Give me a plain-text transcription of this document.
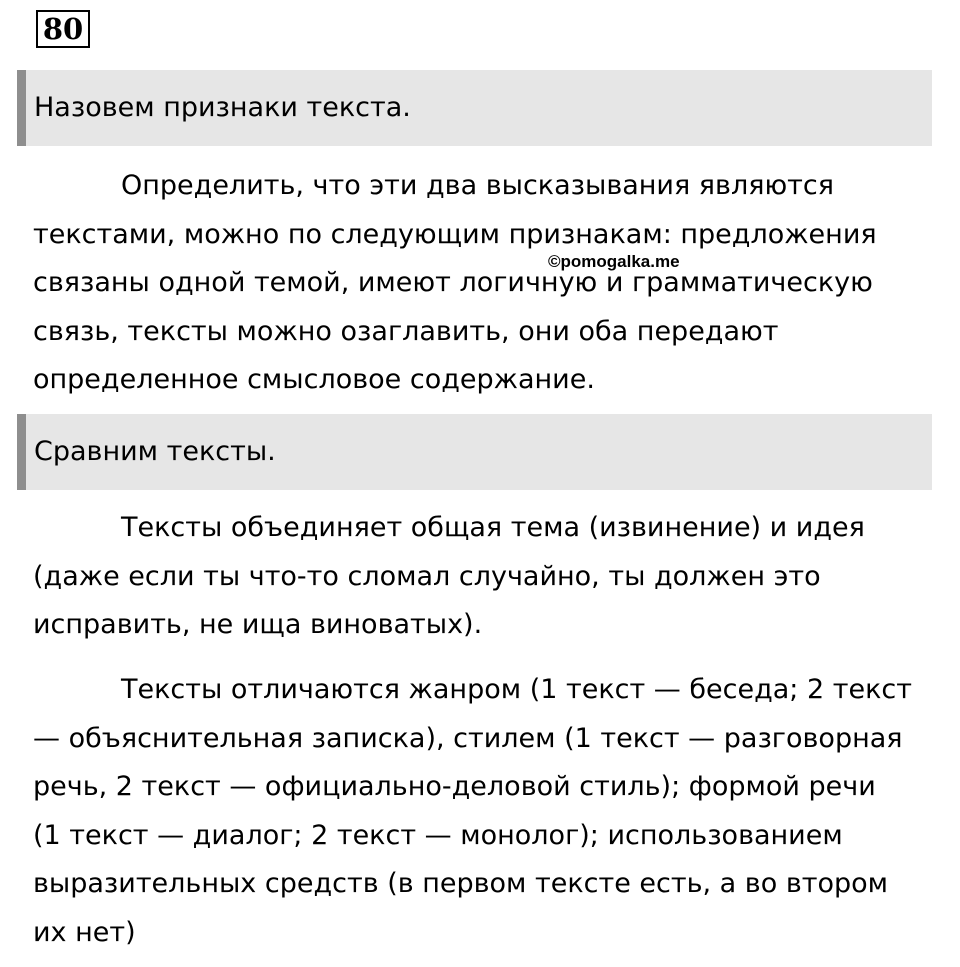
80
Назовем признаки текста.
Определить, что эти два высказывания являются
текстами, можно по следующим признакам: предложения
связаны одной темой, имеют логичную и грамматическую
связь, тексты можно озаглавить, они оба передают
определенное смысловое содержание.
©pomogalka.me
Сравним тексты.
Тексты объединяет общая тема (извинение) и идея
(даже если ты что-то сломал случайно, ты должен это
исправить, не ища виноватых).
Тексты отличаются жанром (1 текст — беседа; 2 текст
— объяснительная записка), стилем (1 текст — разговорная
речь, 2 текст — официально-деловой стиль); формой речи
(1 текст — диалог; 2 текст — монолог); использованием
выразительных средств (в первом тексте есть, а во втором
их нет)
